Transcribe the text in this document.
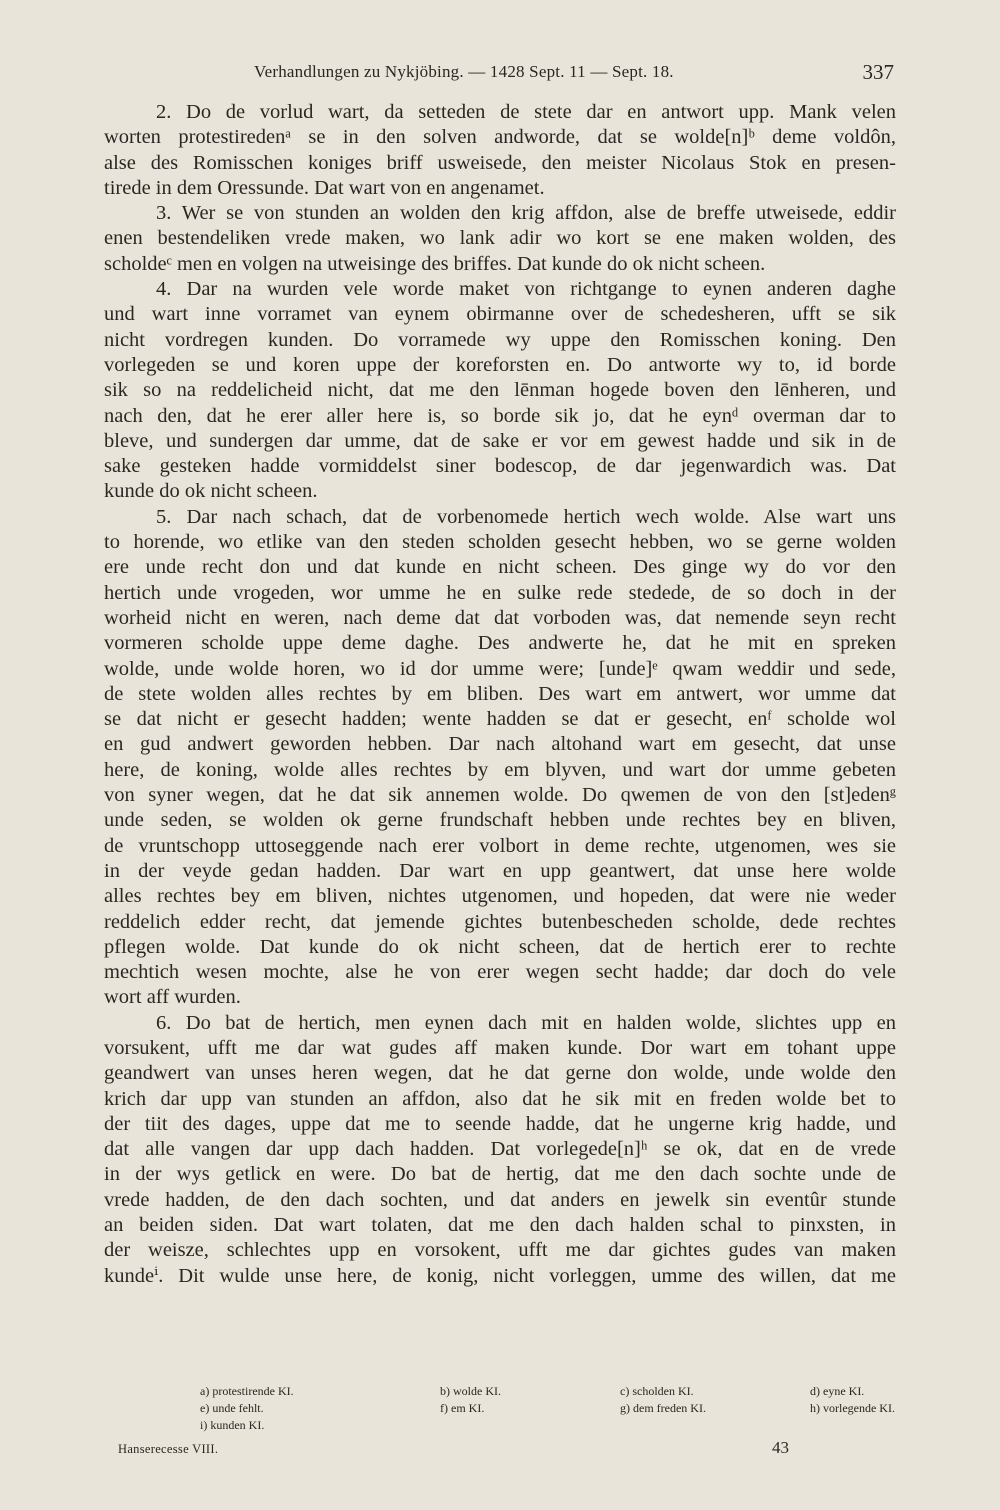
Verhandlungen zu Nykjöbing. — 1428 Sept. 11 — Sept. 18.	337
2. Do de vorlud wart, da setteden de stete dar en antwort upp. Mank velen
worten protestiredenᵃ se in den solven andworde, dat se wolde[n]ᵇ deme voldôn,
alse des Romisschen koniges briff usweisede, den meister Nicolaus Stok en presen-
tirede in dem Oressunde. Dat wart von en angenamet.
3. Wer se von stunden an wolden den krig affdon, alse de breffe utweisede, eddir
enen bestendeliken vrede maken, wo lank adir wo kort se ene maken wolden, des
scholdeᶜ men en volgen na utweisinge des briffes. Dat kunde do ok nicht scheen.
4. Dar na wurden vele worde maket von richtgange to eynen anderen daghe
und wart inne vorramet van eynem obirmanne over de schedesheren, ufft se sik
nicht vordregen kunden. Do vorramede wy uppe den Romisschen koning. Den
vorlegeden se und koren uppe der koreforsten en. Do antworte wy to, id borde
sik so na reddelicheid nicht, dat me den lēnman hogede boven den lēnheren, und
nach den, dat he erer aller here is, so borde sik jo, dat he eynᵈ overman dar to
bleve, und sundergen dar umme, dat de sake er vor em gewest hadde und sik in de
sake gesteken hadde vormiddelst siner bodescop, de dar jegenwardich was. Dat
kunde do ok nicht scheen.
5. Dar nach schach, dat de vorbenomede hertich wech wolde. Alse wart uns
to horende, wo etlike van den steden scholden gesecht hebben, wo se gerne wolden
ere unde recht don und dat kunde en nicht scheen. Des ginge wy do vor den
hertich unde vrogeden, wor umme he en sulke rede stedede, de so doch in der
worheid nicht en weren, nach deme dat dat vorboden was, dat nemende seyn recht
vormeren scholde uppe deme daghe. Des andwerte he, dat he mit en spreken
wolde, unde wolde horen, wo id dor umme were; [unde]ᵉ qwam weddir und sede,
de stete wolden alles rechtes by em bliben. Des wart em antwert, wor umme dat
se dat nicht er gesecht hadden; wente hadden se dat er gesecht, enᶠ scholde wol
en gud andwert geworden hebben. Dar nach altohand wart em gesecht, dat unse
here, de koning, wolde alles rechtes by em blyven, und wart dor umme gebeten
von syner wegen, dat he dat sik annemen wolde. Do qwemen de von den [st]edenᵍ
unde seden, se wolden ok gerne frundschaft hebben unde rechtes bey en bliven,
de vruntschopp uttoseggende nach erer volbort in deme rechte, utgenomen, wes sie
in der veyde gedan hadden. Dar wart en upp geantwert, dat unse here wolde
alles rechtes bey em bliven, nichtes utgenomen, und hopeden, dat were nie weder
reddelich edder recht, dat jemende gichtes butenbescheden scholde, dede rechtes
pflegen wolde. Dat kunde do ok nicht scheen, dat de hertich erer to rechte
mechtich wesen mochte, alse he von erer wegen secht hadde; dar doch do vele
wort aff wurden.
6. Do bat de hertich, men eynen dach mit en halden wolde, slichtes upp en
vorsukent, ufft me dar wat gudes aff maken kunde. Dor wart em tohant uppe
geandwert van unses heren wegen, dat he dat gerne don wolde, unde wolde den
krich dar upp van stunden an affdon, also dat he sik mit en freden wolde bet to
der tiit des dages, uppe dat me to seende hadde, dat he ungerne krig hadde, und
dat alle vangen dar upp dach hadden. Dat vorlegede[n]ʰ se ok, dat en de vrede
in der wys getlick en were. Do bat de hertig, dat me den dach sochte unde de
vrede hadden, de den dach sochten, und dat anders en jewelk sin eventûr stunde
an beiden siden. Dat wart tolaten, dat me den dach halden schal to pinxsten, in
der weisze, schlechtes upp en vorsokent, ufft me dar gichtes gudes van maken
kundeⁱ. Dit wulde unse here, de konig, nicht vorleggen, umme des willen, dat me
a) protestirende KI.	b) wolde KI.	c) scholden KI.	d) eyne KI.
e) unde fehlt.	f) em KI.	g) dem freden KI.	h) vorlegende KI.
i) kunden KI.
Hanserecesse VIII.	43
